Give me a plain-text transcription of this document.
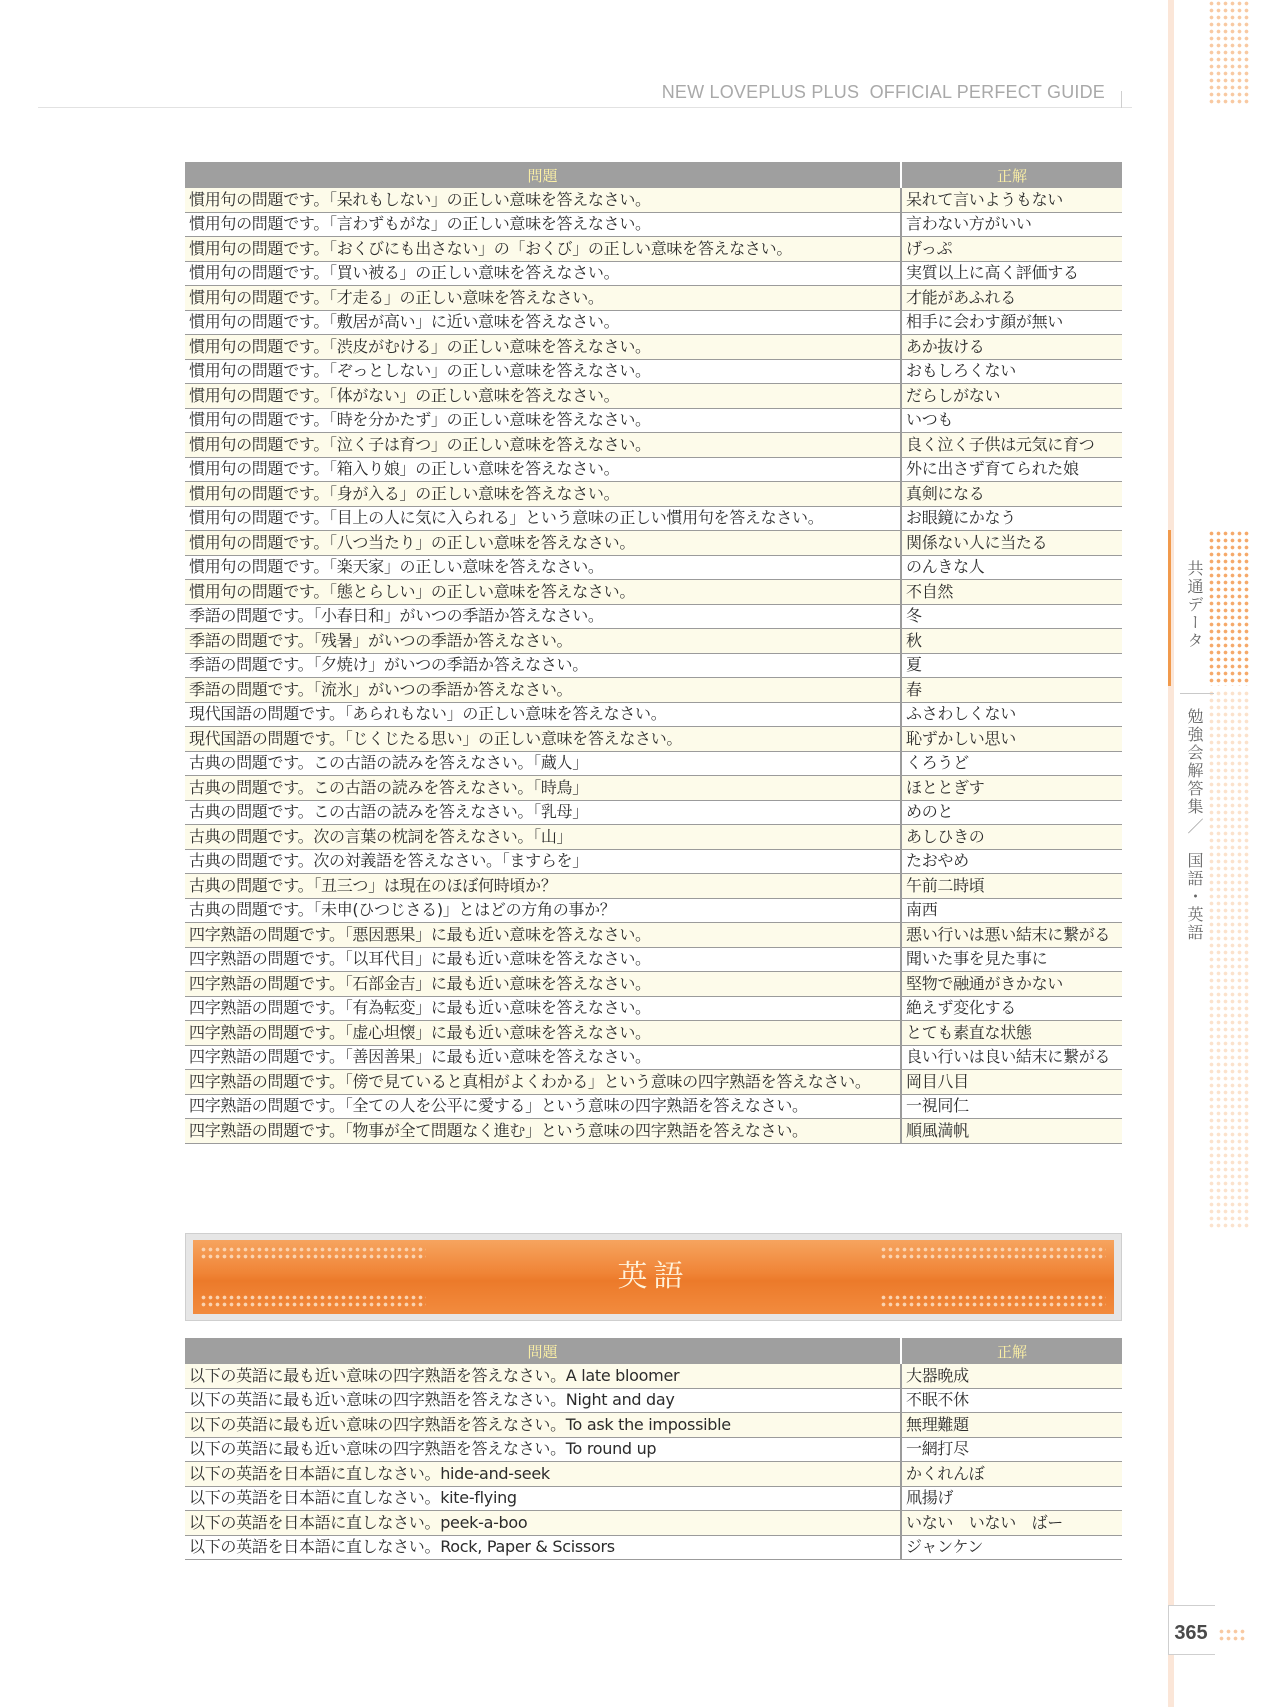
NEW LOVEPLUS PLUS  OFFICIAL PERFECT GUIDE
共通データ
勉強会解答集
／
国語・英語
365
問題	正解
慣用句の問題です。「呆れもしない」の正しい意味を答えなさい。	呆れて言いようもない
慣用句の問題です。「言わずもがな」の正しい意味を答えなさい。	言わない方がいい
慣用句の問題です。「おくびにも出さない」の「おくび」の正しい意味を答えなさい。	げっぷ
慣用句の問題です。「買い被る」の正しい意味を答えなさい。	実質以上に高く評価する
慣用句の問題です。「才走る」の正しい意味を答えなさい。	才能があふれる
慣用句の問題です。「敷居が高い」に近い意味を答えなさい。	相手に会わす顔が無い
慣用句の問題です。「渋皮がむける」の正しい意味を答えなさい。	あか抜ける
慣用句の問題です。「ぞっとしない」の正しい意味を答えなさい。	おもしろくない
慣用句の問題です。「体がない」の正しい意味を答えなさい。	だらしがない
慣用句の問題です。「時を分かたず」の正しい意味を答えなさい。	いつも
慣用句の問題です。「泣く子は育つ」の正しい意味を答えなさい。	良く泣く子供は元気に育つ
慣用句の問題です。「箱入り娘」の正しい意味を答えなさい。	外に出さず育てられた娘
慣用句の問題です。「身が入る」の正しい意味を答えなさい。	真剣になる
慣用句の問題です。「目上の人に気に入られる」という意味の正しい慣用句を答えなさい。	お眼鏡にかなう
慣用句の問題です。「八つ当たり」の正しい意味を答えなさい。	関係ない人に当たる
慣用句の問題です。「楽天家」の正しい意味を答えなさい。	のんきな人
慣用句の問題です。「態とらしい」の正しい意味を答えなさい。	不自然
季語の問題です。「小春日和」がいつの季語か答えなさい。	冬
季語の問題です。「残暑」がいつの季語か答えなさい。	秋
季語の問題です。「夕焼け」がいつの季語か答えなさい。	夏
季語の問題です。「流氷」がいつの季語か答えなさい。	春
現代国語の問題です。「あられもない」の正しい意味を答えなさい。	ふさわしくない
現代国語の問題です。「じくじたる思い」の正しい意味を答えなさい。	恥ずかしい思い
古典の問題です。この古語の読みを答えなさい。「蔵人」	くろうど
古典の問題です。この古語の読みを答えなさい。「時鳥」	ほととぎす
古典の問題です。この古語の読みを答えなさい。「乳母」	めのと
古典の問題です。次の言葉の枕詞を答えなさい。「山」	あしひきの
古典の問題です。次の対義語を答えなさい。「ますらを」	たおやめ
古典の問題です。「丑三つ」は現在のほぼ何時頃か？	午前二時頃
古典の問題です。「未申(ひつじさる)」とはどの方角の事か？	南西
四字熟語の問題です。「悪因悪果」に最も近い意味を答えなさい。	悪い行いは悪い結末に繋がる
四字熟語の問題です。「以耳代目」に最も近い意味を答えなさい。	聞いた事を見た事に
四字熟語の問題です。「石部金吉」に最も近い意味を答えなさい。	堅物で融通がきかない
四字熟語の問題です。「有為転変」に最も近い意味を答えなさい。	絶えず変化する
四字熟語の問題です。「虚心坦懐」に最も近い意味を答えなさい。	とても素直な状態
四字熟語の問題です。「善因善果」に最も近い意味を答えなさい。	良い行いは良い結末に繋がる
四字熟語の問題です。「傍で見ていると真相がよくわかる」という意味の四字熟語を答えなさい。	岡目八目
四字熟語の問題です。「全ての人を公平に愛する」という意味の四字熟語を答えなさい。	一視同仁
四字熟語の問題です。「物事が全て問題なく進む」という意味の四字熟語を答えなさい。	順風満帆
英語
問題	正解
以下の英語に最も近い意味の四字熟語を答えなさい。A late bloomer	大器晩成
以下の英語に最も近い意味の四字熟語を答えなさい。Night and day	不眠不休
以下の英語に最も近い意味の四字熟語を答えなさい。To ask the impossible	無理難題
以下の英語に最も近い意味の四字熟語を答えなさい。To round up	一網打尽
以下の英語を日本語に直しなさい。hide-and-seek	かくれんぼ
以下の英語を日本語に直しなさい。kite-flying	凧揚げ
以下の英語を日本語に直しなさい。peek-a-boo	いない　いない　ばー
以下の英語を日本語に直しなさい。Rock, Paper & Scissors	ジャンケン
